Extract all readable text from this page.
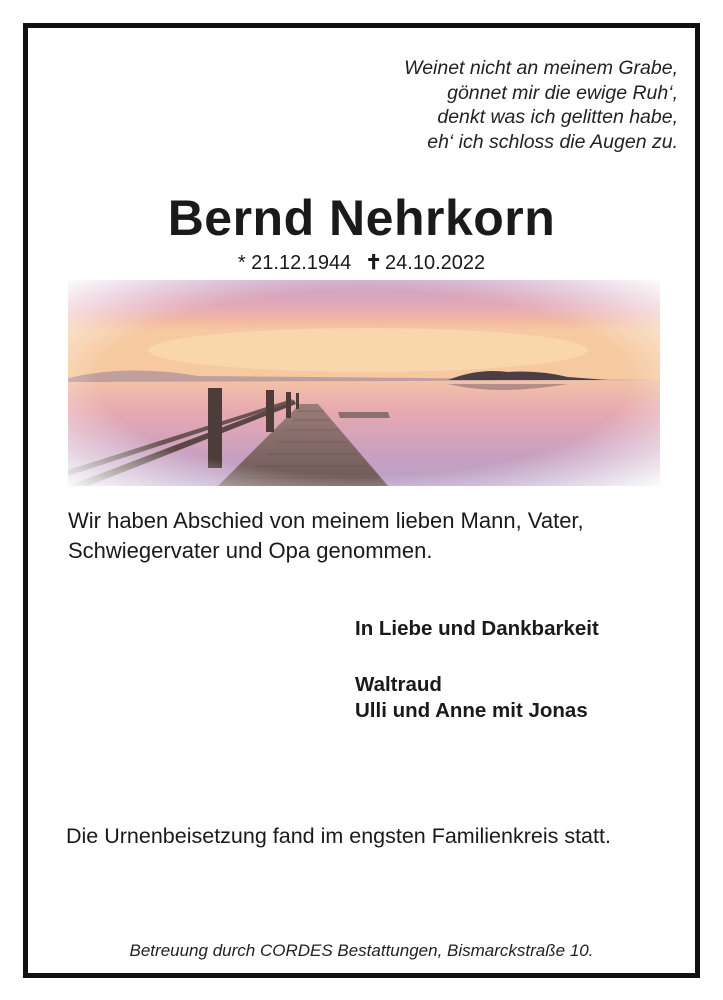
Weinet nicht an meinem Grabe,
gönnet mir die ewige Ruh‘,
denkt was ich gelitten habe,
eh‘ ich schloss die Augen zu.
Bernd Nehrkorn
* 21.12.1944 ✝ 24.10.2022
Wir haben Abschied von meinem lieben Mann, Vater,
Schwiegervater und Opa genommen.
In Liebe und Dankbarkeit
Waltraud
Ulli und Anne mit Jonas
Die Urnenbeisetzung fand im engsten Familienkreis statt.
Betreuung durch CORDES Bestattungen, Bismarckstraße 10.
